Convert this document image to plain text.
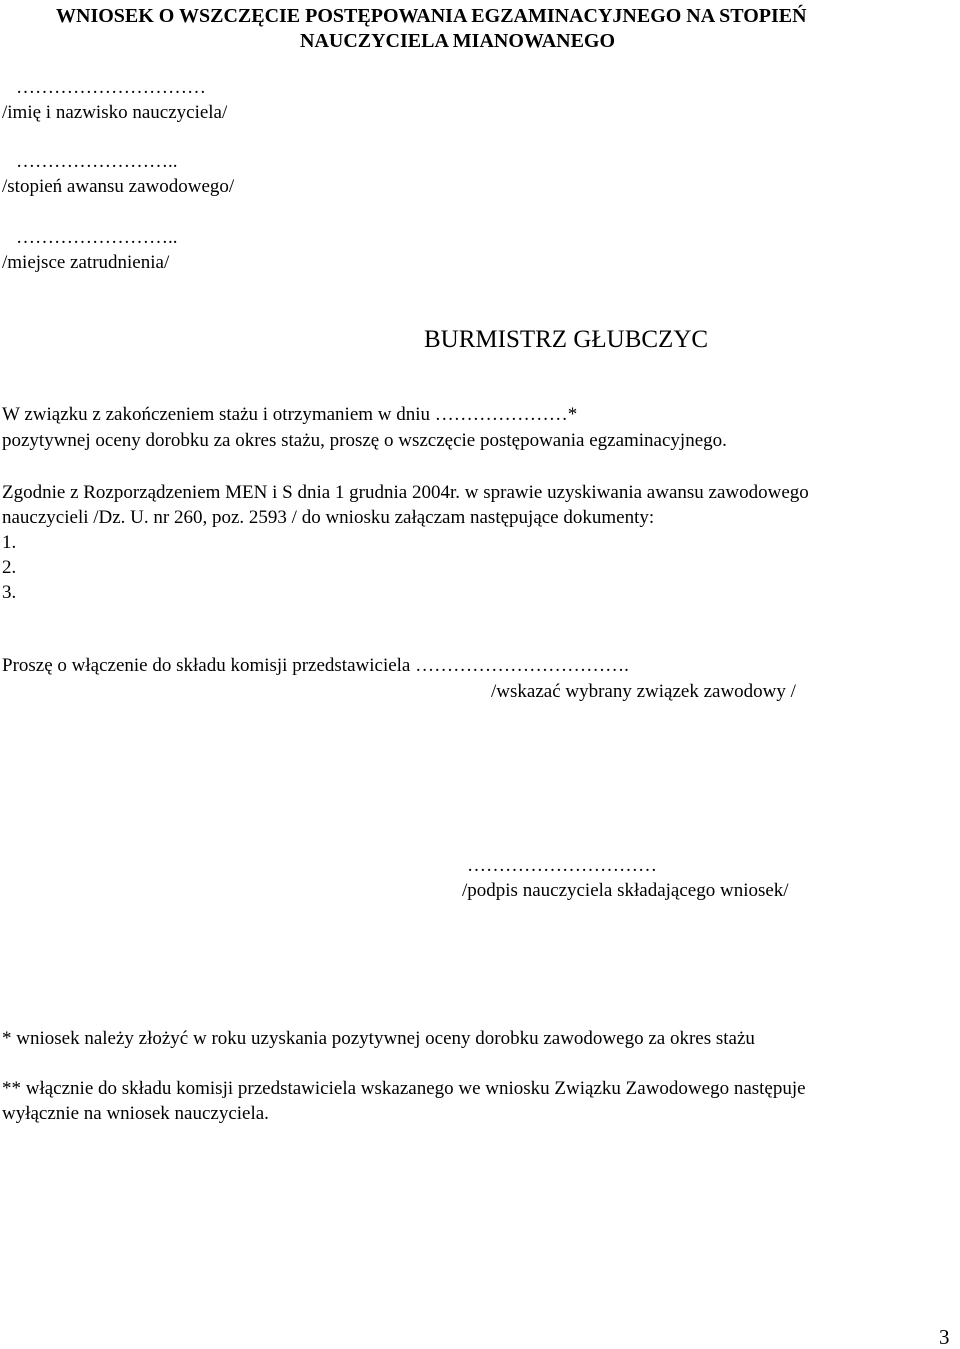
WNIOSEK O WSZCZĘCIE POSTĘPOWANIA EGZAMINACYJNEGO NA STOPIEŃ
NAUCZYCIELA MIANOWANEGO
…………………………
/imię i nazwisko nauczyciela/
……………………..
/stopień awansu zawodowego/
……………………..
/miejsce zatrudnienia/
BURMISTRZ GŁUBCZYC
W związku z zakończeniem stażu i otrzymaniem w dniu …………………*
pozytywnej oceny dorobku za okres stażu, proszę o wszczęcie postępowania egzaminacyjnego.
Zgodnie z Rozporządzeniem MEN i S dnia 1 grudnia 2004r. w sprawie uzyskiwania awansu zawodowego
nauczycieli /Dz. U. nr 260, poz. 2593 / do wniosku załączam następujące dokumenty:
1.
2.
3.
Proszę o włączenie do składu komisji przedstawiciela …………………………….
/wskazać wybrany związek zawodowy /
…………………………
/podpis nauczyciela składającego wniosek/
* wniosek należy złożyć w roku uzyskania pozytywnej oceny dorobku zawodowego za okres stażu
** włącznie do składu komisji przedstawiciela wskazanego we wniosku Związku Zawodowego następuje
wyłącznie na wniosek nauczyciela.
3
